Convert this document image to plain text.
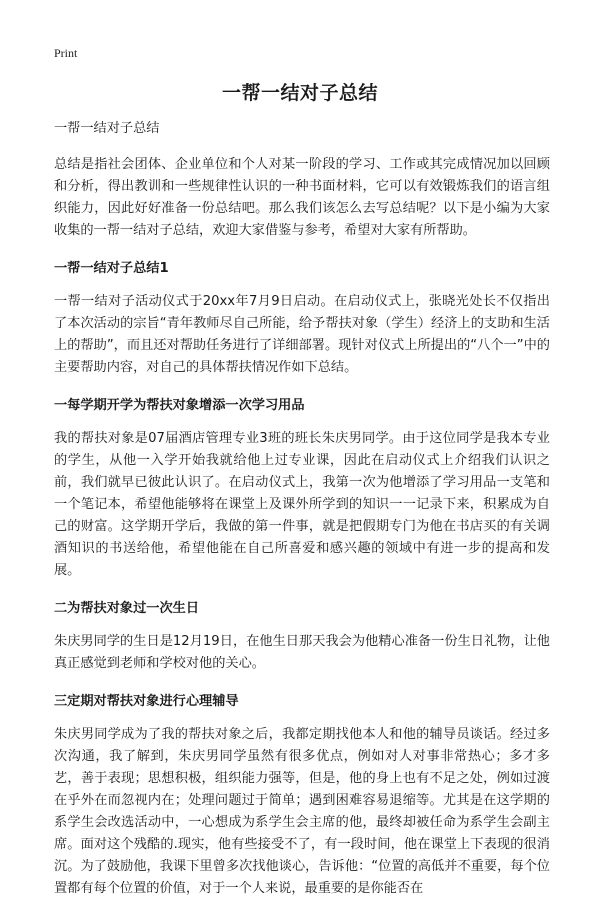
Print
一帮一结对子总结

一帮一结对子总结

总结是指社会团体、企业单位和个人对某一阶段的学习、工作或其完成情况加以回顾和分析，得出教训和一些规律性认识的一种书面材料，它可以有效锻炼我们的语言组织能力，因此好好准备一份总结吧。那么我们该怎么去写总结呢？以下是小编为大家收集的一帮一结对子总结，欢迎大家借鉴与参考，希望对大家有所帮助。

一帮一结对子总结1

一帮一结对子活动仪式于20xx年7月9日启动。在启动仪式上，张晓光处长不仅指出了本次活动的宗旨“青年教师尽自己所能，给予帮扶对象（学生）经济上的支助和生活上的帮助”，而且还对帮助任务进行了详细部署。现针对仪式上所提出的“八个一”中的主要帮助内容，对自己的具体帮扶情况作如下总结。

一每学期开学为帮扶对象增添一次学习用品

我的帮扶对象是07届酒店管理专业3班的班长朱庆男同学。由于这位同学是我本专业的学生，从他一入学开始我就给他上过专业课，因此在启动仪式上介绍我们认识之前，我们就早已彼此认识了。在启动仪式上，我第一次为他增添了学习用品一支笔和一个笔记本，希望他能够将在课堂上及课外所学到的知识一一记录下来，积累成为自己的财富。这学期开学后，我做的第一件事，就是把假期专门为他在书店买的有关调酒知识的书送给他，希望他能在自己所喜爱和感兴趣的领域中有进一步的提高和发展。

二为帮扶对象过一次生日

朱庆男同学的生日是12月19日，在他生日那天我会为他精心准备一份生日礼物，让他真正感觉到老师和学校对他的关心。

三定期对帮扶对象进行心理辅导

朱庆男同学成为了我的帮扶对象之后，我都定期找他本人和他的辅导员谈话。经过多次沟通，我了解到，朱庆男同学虽然有很多优点，例如对人对事非常热心；多才多艺，善于表现；思想积极，组织能力强等，但是，他的身上也有不足之处，例如过渡在乎外在而忽视内在；处理问题过于简单；遇到困难容易退缩等。尤其是在这学期的系学生会改选活动中，一心想成为系学生会主席的他，最终却被任命为系学生会副主席。面对这个残酷的.现实，他有些接受不了，有一段时间，他在课堂上下表现的很消沉。为了鼓励他，我课下里曾多次找他谈心，告诉他：“位置的高低并不重要，每个位置都有每个位置的价值，对于一个人来说，最重要的是你能否在
